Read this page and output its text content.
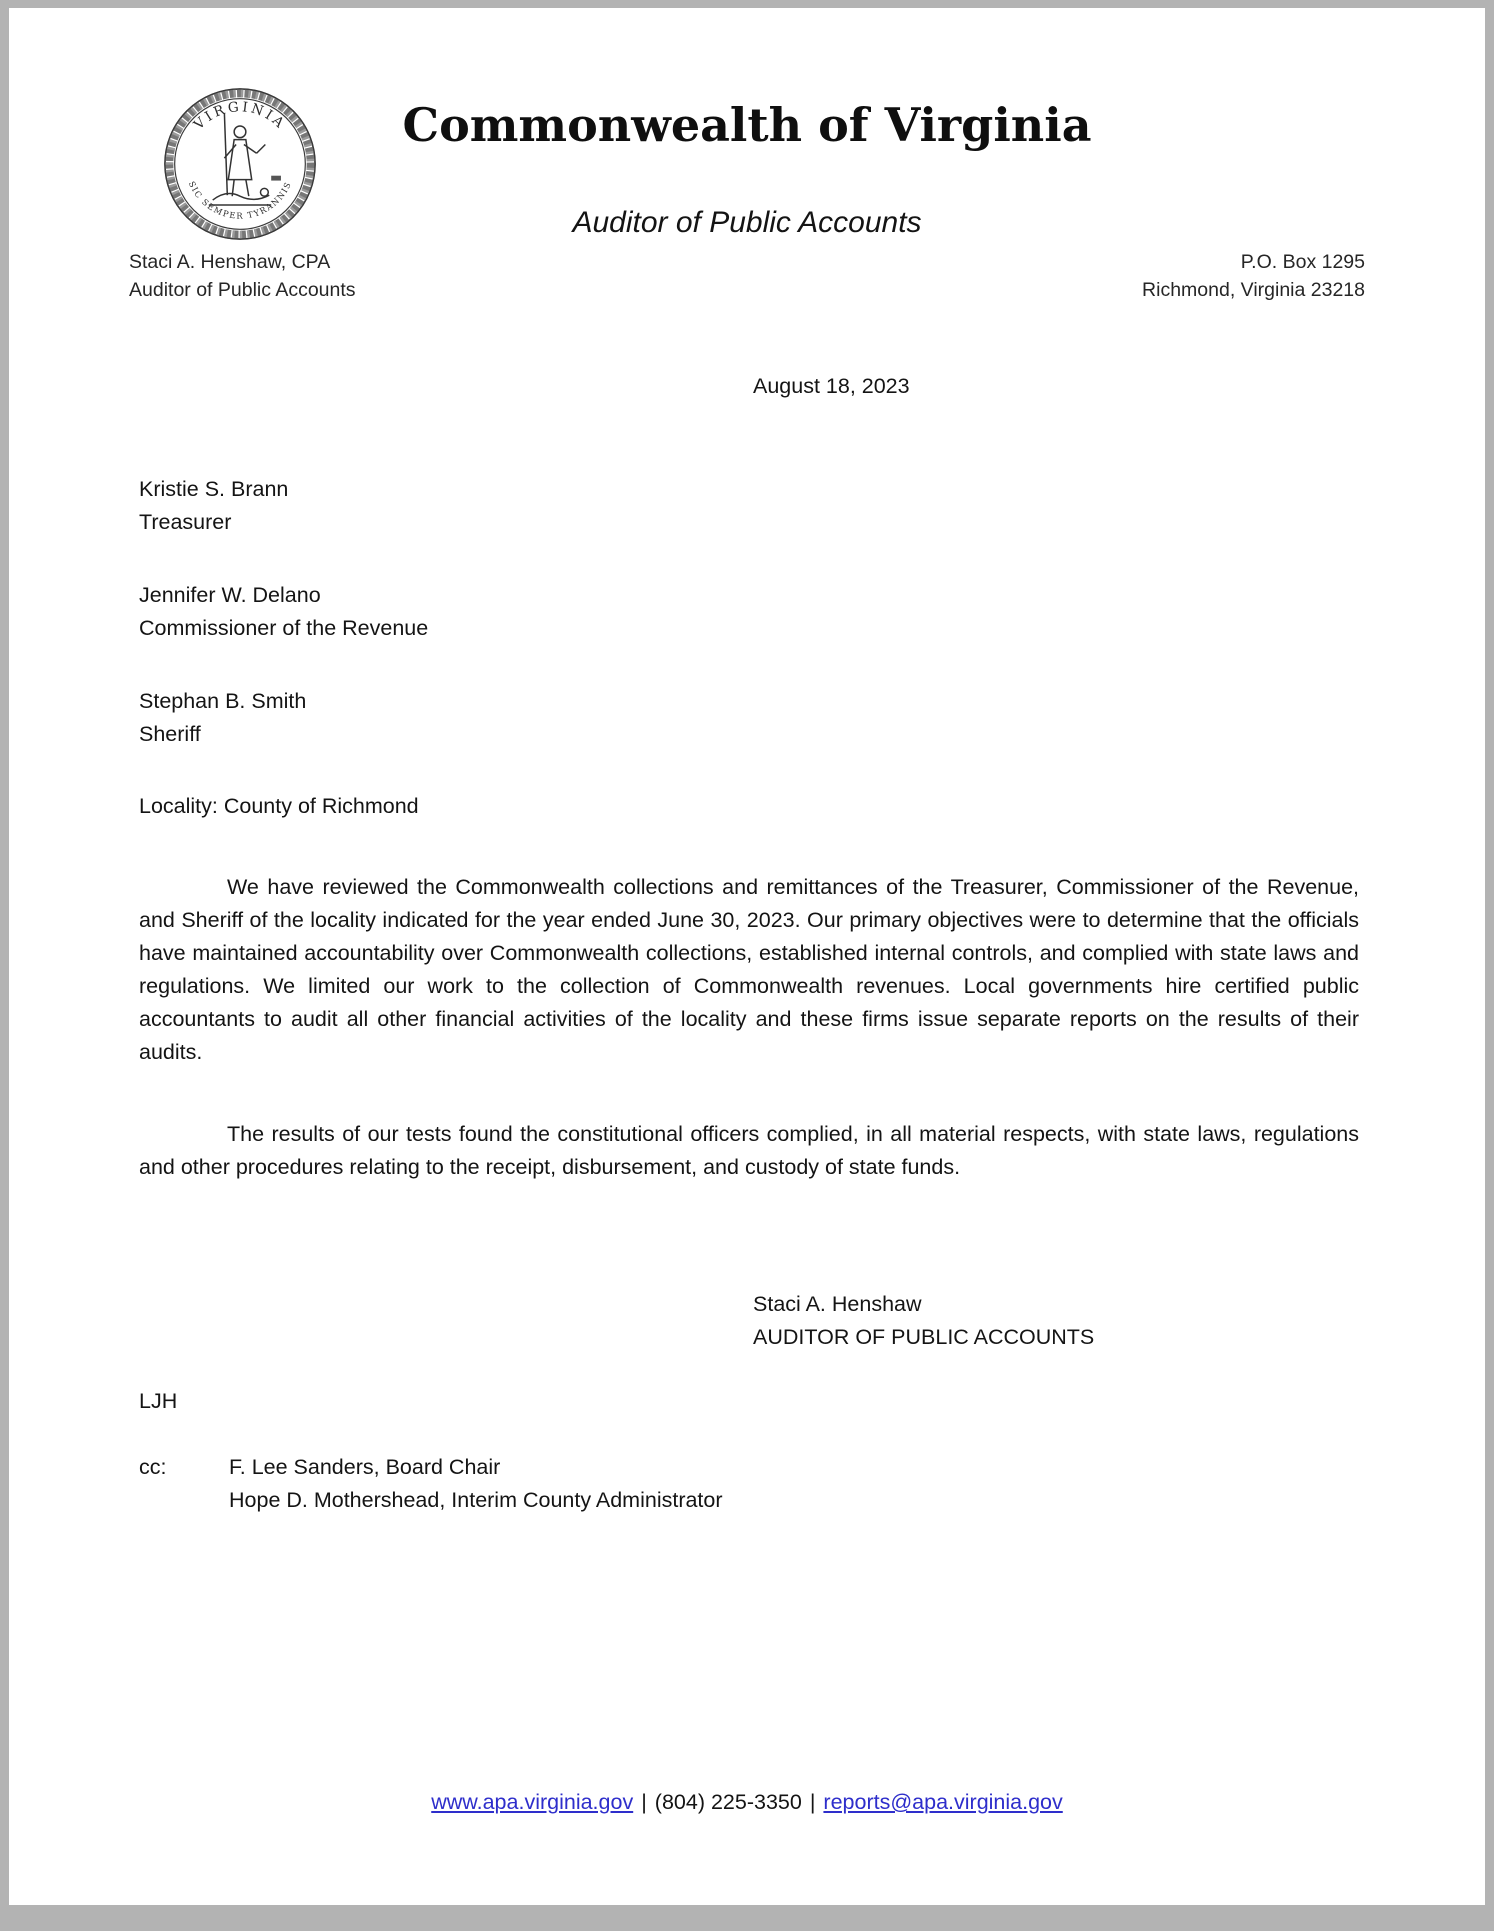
VIRGINIA
SIC SEMPER TYRANNIS
Commonwealth of Virginia
Auditor of Public Accounts
Staci A. Henshaw, CPA
Auditor of Public Accounts
P.O. Box 1295
Richmond, Virginia 23218
August 18, 2023
Kristie S. Brann
Treasurer
Jennifer W. Delano
Commissioner of the Revenue
Stephan B. Smith
Sheriff
Locality: County of Richmond

We have reviewed the Commonwealth collections and remittances of the Treasurer, Commissioner of the Revenue, and Sheriff of the locality indicated for the year ended June 30, 2023. Our primary objectives were to determine that the officials have maintained accountability over Commonwealth collections, established internal controls, and complied with state laws and regulations. We limited our work to the collection of Commonwealth revenues. Local governments hire certified public accountants to audit all other financial activities of the locality and these firms issue separate reports on the results of their audits.

The results of our tests found the constitutional officers complied, in all material respects, with state laws, regulations and other procedures relating to the receipt, disbursement, and custody of state funds.

Staci A. Henshaw
AUDITOR OF PUBLIC ACCOUNTS
LJH
cc:	F. Lee Sanders, Board Chair
Hope D. Mothershead, Interim County Administrator
www.apa.virginia.gov | (804) 225-3350 | reports@apa.virginia.gov
